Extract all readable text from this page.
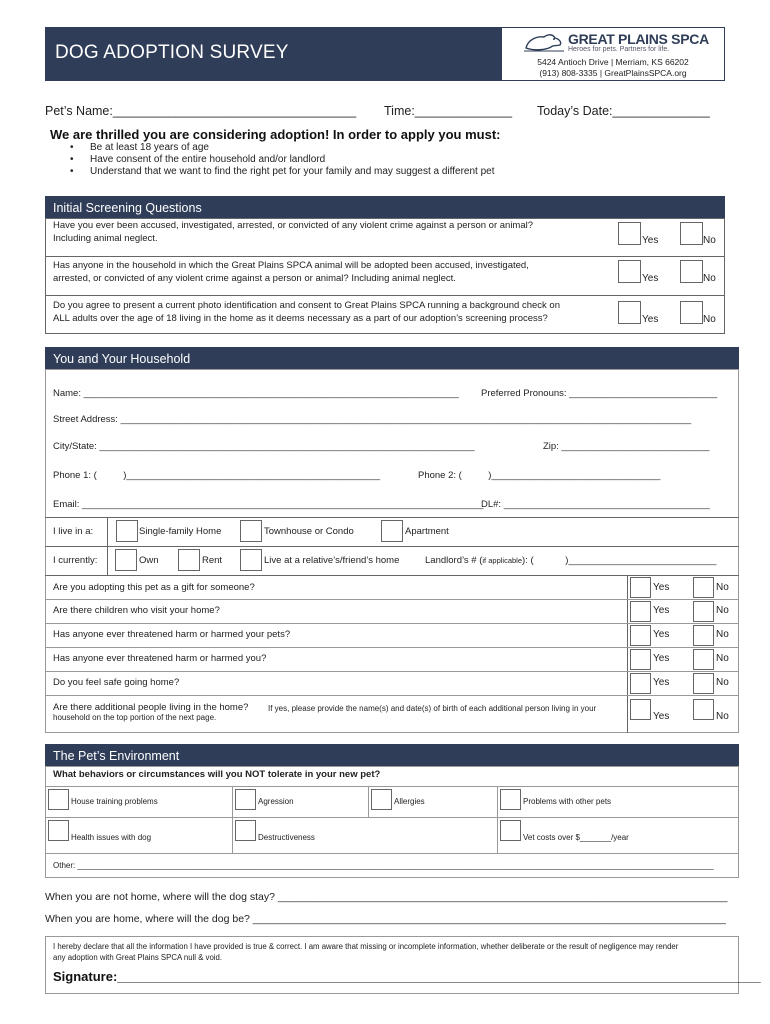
DOG ADOPTION SURVEY
GREAT PLAINS SPCA
Heroes for pets. Partners for life.
5424 Antioch Drive | Merriam, KS 66202
(913) 808-3335 | GreatPlainsSPCA.org
Pet’s Name:___________________________________ Time:______________ Today’s Date:______________
We are thrilled you are considering adoption! In order to apply you must:
• Be at least 18 years of age
• Have consent of the entire household and/or landlord
• Understand that we want to find the right pet for your family and may suggest a different pet
Initial Screening Questions
Have you ever been accused, investigated, arrested, or convicted of any violent crime against a person or animal?
Including animal neglect.	Yes	No
Has anyone in the household in which the Great Plains SPCA animal will be adopted been accused, investigated,
arrested, or convicted of any violent crime against a person or animal? Including animal neglect.	Yes	No
Do you agree to present a current photo identification and consent to Great Plains SPCA running a background check on
ALL adults over the age of 18 living in the home as it deems necessary as a part of our adoption’s screening process?	Yes	No
You and Your Household
Name: _______________________________________________________________________ Preferred Pronouns: ____________________________
Street Address: ____________________________________________________________________________________________________________
City/State: _______________________________________________________________________	Zip: ____________________________
Phone 1: (          )________________________________________________	Phone 2: (          )________________________________
Email: ____________________________________________________________________________
DL#: _______________________________________
I live in a:	Single-family Home	Townhouse or Condo	Apartment
I currently:	Own	Rent	Live at a relative’s/friend’s home	Landlord’s # (if applicable): (            )____________________________
Are you adopting this pet as a gift for someone?	Yes	No
Are there children who visit your home?	Yes	No
Has anyone ever threatened harm or harmed your pets?	Yes	No
Has anyone ever threatened harm or harmed you?	Yes	No
Do you feel safe going home?	Yes	No
Are there additional people living in the home? If yes, please provide the name(s) and date(s) of birth of each additional person living in your
household on the top portion of the next page.	Yes	No
The Pet’s Environment
What behaviors or circumstances will you NOT tolerate in your new pet?
House training problems	Agression	Allergies	Problems with other pets
Health issues with dog	Destructiveness	Vet costs over $_______/year
Other: _______________________________________________________________________________________________________________________________________________
When you are not home, where will the dog stay? _____________________________________________________________________________
When you are home, where will the dog be? _________________________________________________________________________________
I hereby declare that all the information I have provided is true & correct. I am aware that missing or incomplete information, whether deliberate or the result of negligence may render
any adoption with Great Plains SPCA null & void.
Signature:_________________________________________________________________________________________
